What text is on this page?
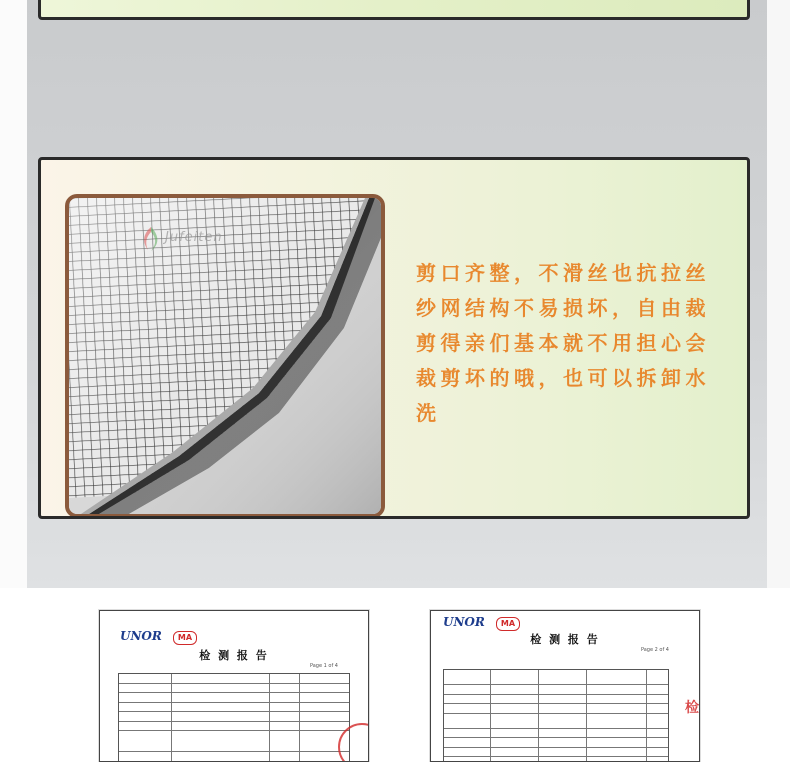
Jufeiten
剪口齐整，不滑丝也抗拉丝
纱网结构不易损坏，自由裁
剪得亲们基本就不用担心会
裁剪坏的哦，也可以拆卸水
洗
UNOR	MA
检 测 报 告
Page 1 of 4
UNOR	MA
检 测 报 告
Page 2 of 4
检
